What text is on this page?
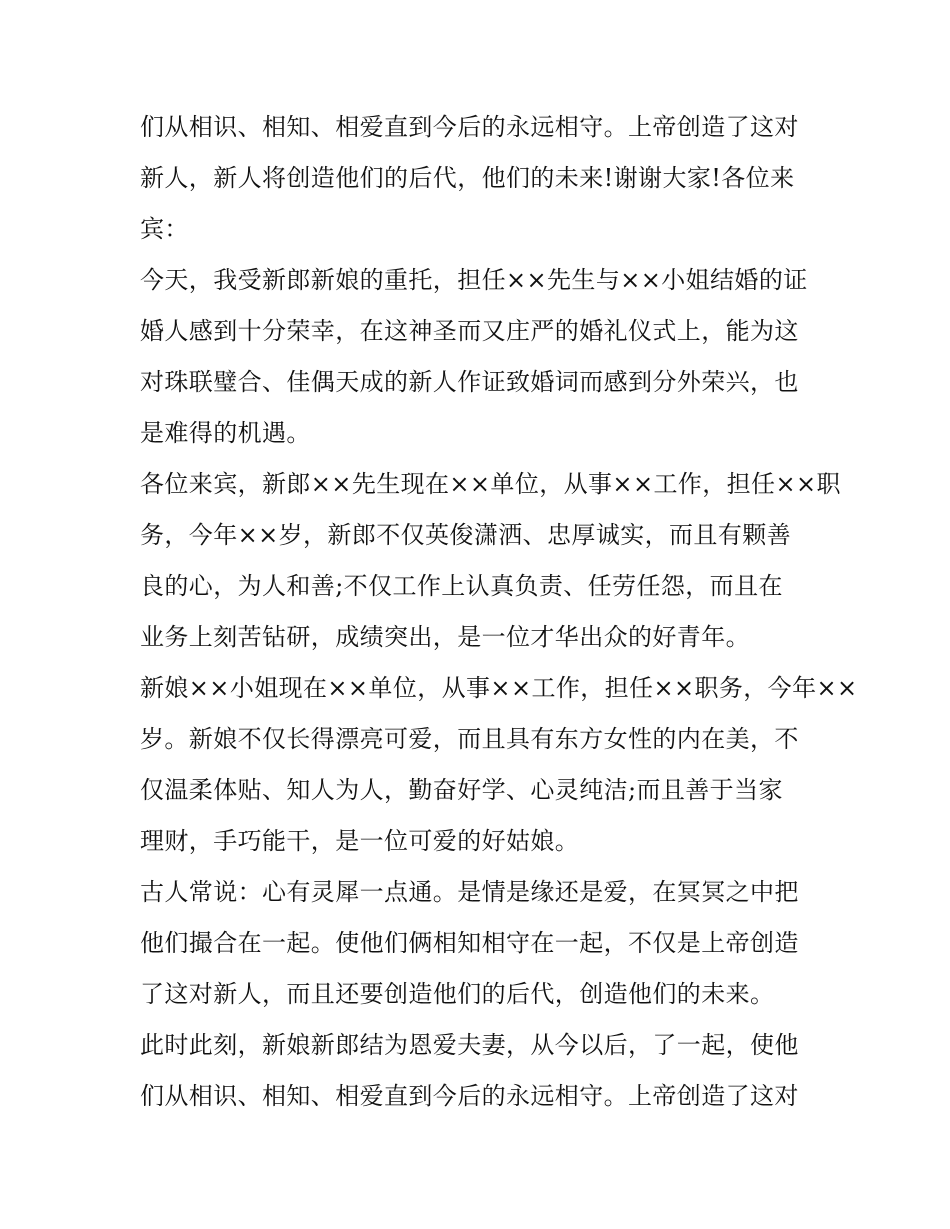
们从相识、相知、相爱直到今后的永远相守。上帝创造了这对
新人，新人将创造他们的后代，他们的未来!谢谢大家!各位来
宾：
今天，我受新郎新娘的重托，担任××先生与××小姐结婚的证
婚人感到十分荣幸，在这神圣而又庄严的婚礼仪式上，能为这
对珠联璧合、佳偶天成的新人作证致婚词而感到分外荣兴，也
是难得的机遇。
各位来宾，新郎××先生现在××单位，从事××工作，担任××职
务，今年××岁，新郎不仅英俊潇洒、忠厚诚实，而且有颗善
良的心，为人和善;不仅工作上认真负责、任劳任怨，而且在
业务上刻苦钻研，成绩突出，是一位才华出众的好青年。
新娘××小姐现在××单位，从事××工作，担任××职务，今年××
岁。新娘不仅长得漂亮可爱，而且具有东方女性的内在美，不
仅温柔体贴、知人为人，勤奋好学、心灵纯洁;而且善于当家
理财，手巧能干，是一位可爱的好姑娘。
古人常说：心有灵犀一点通。是情是缘还是爱，在冥冥之中把
他们撮合在一起。使他们俩相知相守在一起，不仅是上帝创造
了这对新人，而且还要创造他们的后代，创造他们的未来。
此时此刻，新娘新郎结为恩爱夫妻，从今以后，了一起，使他
们从相识、相知、相爱直到今后的永远相守。上帝创造了这对
